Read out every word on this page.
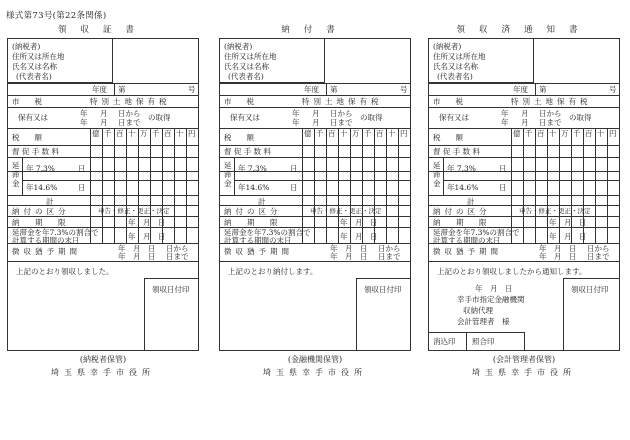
様式第73号(第22条関係)
領収証書
(納税者)
住所又は所在地
氏名又は名称
(代表者名)
年度 第	号
市　　税	特別土地保有税
保有又は	年 月 日から
年 月 日まで
の取得
億 千 百 十 万 千 百 十 円
税　　額
督 促 手 数 料
延滞金
年 7.3%	日
年14.6%	日
計
納付の区分	申告・修正・更正・決定
納　期　限	年　月　日
延滞金を年7.3%の割合で計算する期間の末日	年　月　日
徴収猶予期間	年　月　日 日から
年　月　日 日まで
上記のとおり領収しました。
領収日付印
(納税者保管)
埼玉県幸手市役所
納付書
(納税者)
住所又は所在地
氏名又は名称
(代表者名)
年度 第	号
市　　税	特別土地保有税
保有又は	年 月 日から
年 月 日まで
の取得
億 千 百 十 万 千 百 十 円
税　　額
督 促 手 数 料
延滞金
年 7.3%	日
年14.6%	日
計
納付の区分	申告・修正・更正・決定
納　期　限	年　月　日
延滞金を年7.3%の割合で計算する期間の末日	年　月　日
徴収猶予期間	年　月　日 日から
年　月　日 日まで
上記のとおり納付します。
領収日付印
(金融機関保管)
埼玉県幸手市役所
領収済通知書
(納税者)
住所又は所在地
氏名又は名称
(代表者名)
年度 第	号
市　　税	特別土地保有税
保有又は	年 月 日から
年 月 日まで
の取得
億 千 百 十 万 千 百 十 円
税　　額
督 促 手 数 料
延滞金
年 7.3%	日
年14.6%	日
計
納付の区分	申告・修正・更正・決定
納　期　限	年　月　日
延滞金を年7.3%の割合で計算する期間の末日	年　月　日
徴収猶予期間	年　月　日 日から
年　月　日 日まで
上記のとおり領収しましたから通知します。
領収日付印
年　月　日
幸手市指定金融機関
収納代理
会計管理者　様
消込印 照合印
(会計管理者保管)
埼玉県幸手市役所
